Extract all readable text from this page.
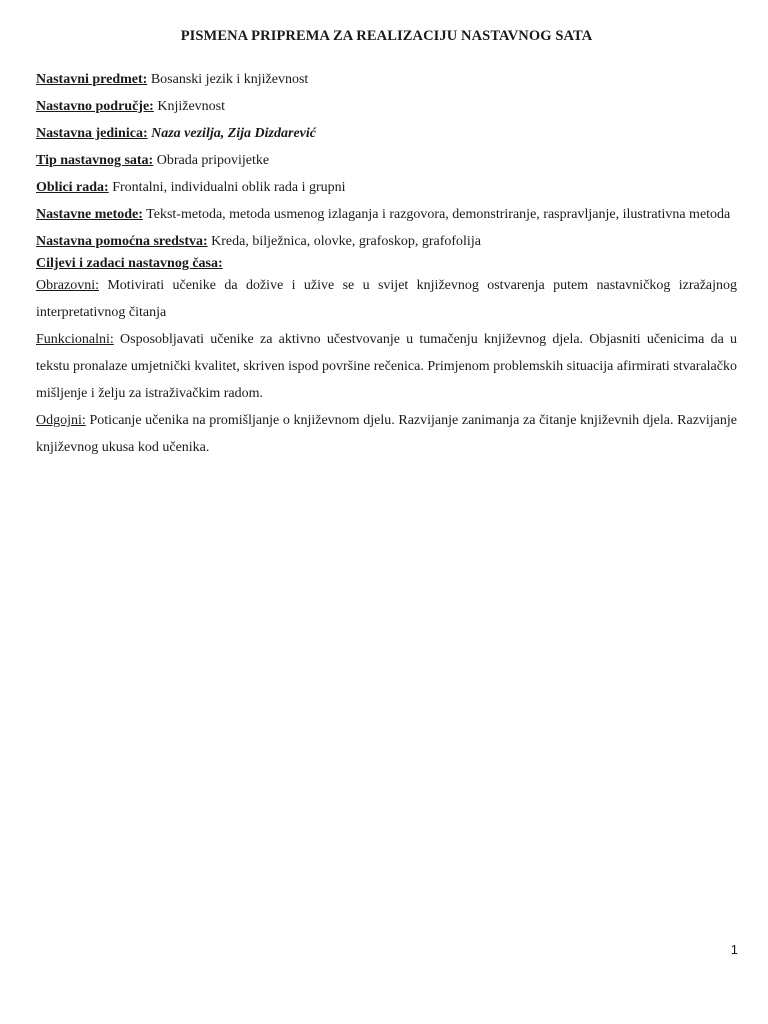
PISMENA PRIPREMA ZA REALIZACIJU NASTAVNOG SATA

Nastavni predmet: Bosanski jezik i književnost

Nastavno područje: Književnost

Nastavna jedinica: Naza vezilja, Zija Dizdarević

Tip nastavnog sata: Obrada pripovijetke

Oblici rada: Frontalni, individualni oblik rada i grupni

Nastavne metode: Tekst-metoda, metoda usmenog izlaganja i razgovora, demonstriranje, raspravljanje, ilustrativna metoda

Nastavna pomoćna sredstva: Kreda, bilježnica, olovke, grafoskop, grafofolija

Ciljevi i zadaci nastavnog časa:

Obrazovni: Motivirati učenike da dožive i užive se u svijet književnog ostvarenja putem nastavničkog izražajnog interpretativnog čitanja

Funkcionalni: Osposobljavati učenike za aktivno učestvovanje u tumačenju književnog djela. Objasniti učenicima da u tekstu pronalaze umjetnički kvalitet, skriven ispod površine rečenica. Primjenom problemskih situacija afirmirati stvaralačko mišljenje i želju za istraživačkim radom.

Odgojni: Poticanje učenika na promišljanje o književnom djelu. Razvijanje zanimanja za čitanje književnih djela. Razvijanje književnog ukusa kod učenika.

1
